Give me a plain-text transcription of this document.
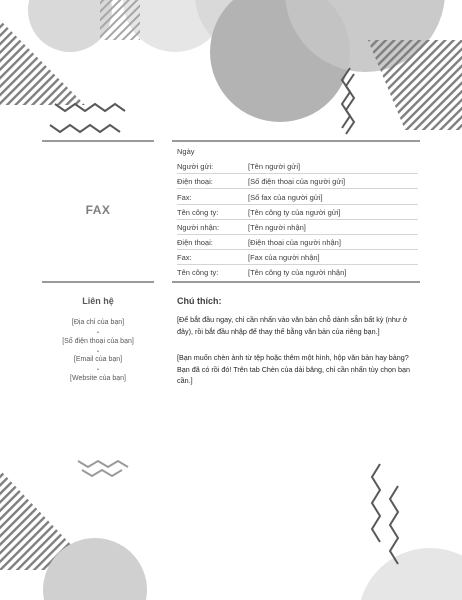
FAX
Ngày
Người gửi:	[Tên người gửi]
Điện thoại:	[Số điện thoại của người gửi]
Fax:	[Số fax của người gửi]
Tên công ty:	[Tên công ty của người gửi]
Người nhận:	[Tên người nhận]
Điện thoại:	[Điện thoại của người nhận]
Fax:	[Fax của người nhận]
Tên công ty:	[Tên công ty của người nhận]
Liên hệ
[Địa chỉ của bạn]
•
[Số điện thoại của bạn]
•
[Email của bạn]
•
[Website của bạn]
Chú thích:

[Để bắt đầu ngay, chỉ cần nhấn vào văn bản chỗ dành sẵn bất kỳ (như ở đây), rồi bắt đầu nhập để thay thế bằng văn bản của riêng bạn.]

[Bạn muốn chèn ảnh từ tệp hoặc thêm một hình, hộp văn bản hay bảng? Bạn đã có rồi đó! Trên tab Chèn của dải băng, chỉ cần nhấn tùy chọn bạn cần.]
